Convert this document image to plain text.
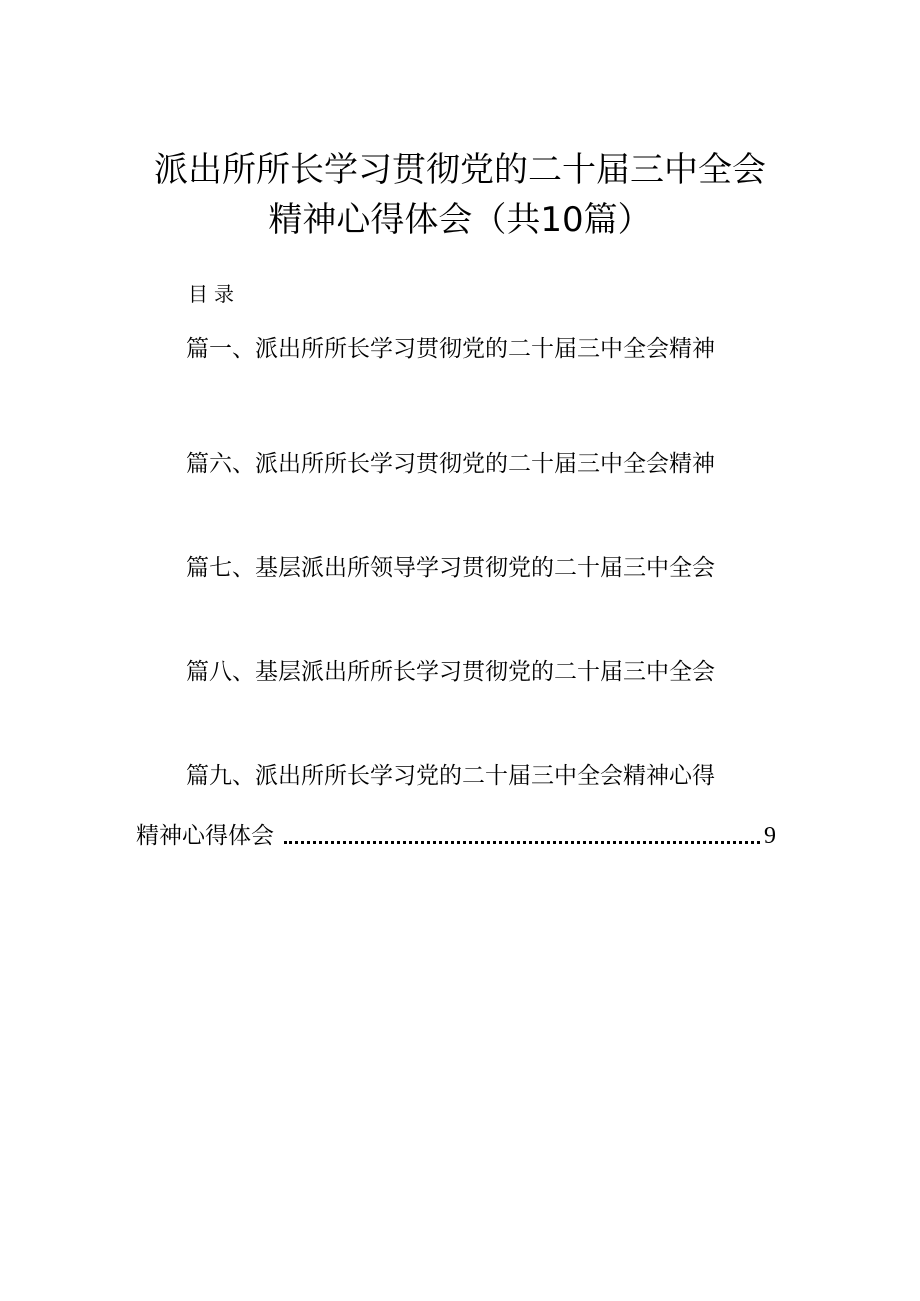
派出所所长学习贯彻党的二十届三中全会
精神心得体会（共10篇）
目录
篇一、派出所所长学习贯彻党的二十届三中全会精神
篇六、派出所所长学习贯彻党的二十届三中全会精神
篇七、基层派出所领导学习贯彻党的二十届三中全会
篇八、基层派出所所长学习贯彻党的二十届三中全会
篇九、派出所所长学习党的二十届三中全会精神心得
精神心得体会	9
